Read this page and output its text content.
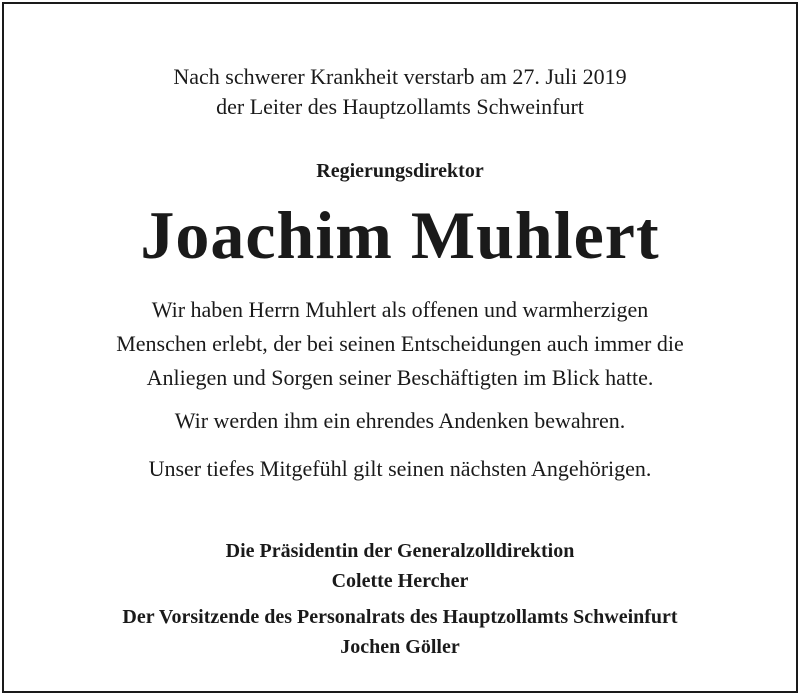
Nach schwerer Krankheit verstarb am 27. Juli 2019
der Leiter des Hauptzollamts Schweinfurt
Regierungsdirektor
Joachim Muhlert
Wir haben Herrn Muhlert als offenen und warmherzigen
Menschen erlebt, der bei seinen Entscheidungen auch immer die
Anliegen und Sorgen seiner Beschäftigten im Blick hatte.
Wir werden ihm ein ehrendes Andenken bewahren.
Unser tiefes Mitgefühl gilt seinen nächsten Angehörigen.
Die Präsidentin der Generalzolldirektion
Colette Hercher
Der Vorsitzende des Personalrats des Hauptzollamts Schweinfurt
Jochen Göller
